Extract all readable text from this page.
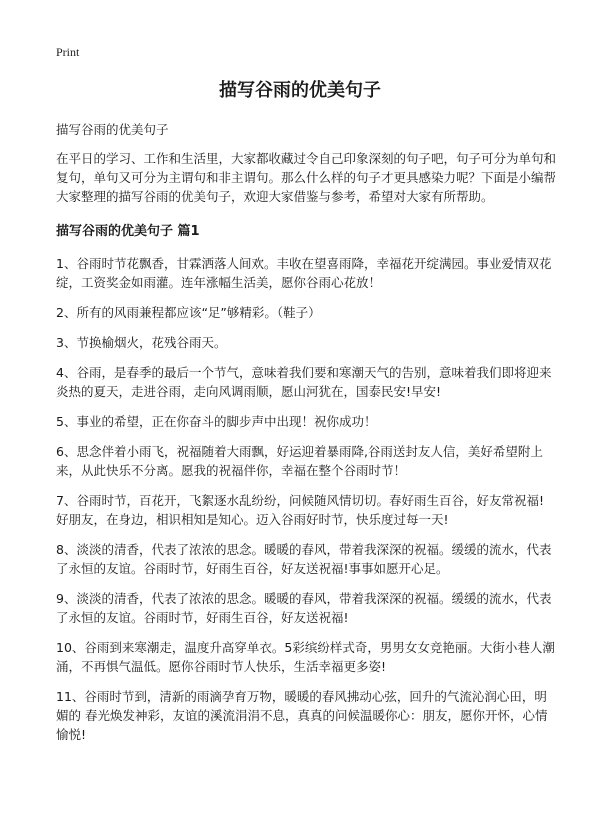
Print
描写谷雨的优美句子

描写谷雨的优美句子

在平日的学习、工作和生活里，大家都收藏过令自己印象深刻的句子吧，句子可分为单句和复句，单句又可分为主谓句和非主谓句。那么什么样的句子才更具感染力呢？下面是小编帮大家整理的描写谷雨的优美句子，欢迎大家借鉴与参考，希望对大家有所帮助。

描写谷雨的优美句子 篇1

1、谷雨时节花飘香，甘霖洒落人间欢。丰收在望喜雨降，幸福花开绽满园。事业爱情双花绽，工资奖金如雨灌。连年涨幅生活美，愿你谷雨心花放！

2、所有的风雨兼程都应该“足”够精彩。（鞋子）

3、节换榆烟火，花残谷雨天。

4、谷雨，是春季的最后一个节气，意味着我们要和寒潮天气的告别，意味着我们即将迎来炎热的夏天，走进谷雨，走向风调雨顺，愿山河犹在，国泰民安!早安!

5、事业的希望，正在你奋斗的脚步声中出现！祝你成功！

6、思念伴着小雨飞，祝福随着大雨飘，好运迎着暴雨降,谷雨送封友人信，美好希望附上来，从此快乐不分离。愿我的祝福伴你，幸福在整个谷雨时节！

7、谷雨时节，百花开，飞絮逐水乱纷纷，问候随风情切切。春好雨生百谷，好友常祝福!好朋友，在身边，相识相知是知心。迈入谷雨好时节，快乐度过每一天!

8、淡淡的清香，代表了浓浓的思念。暖暖的春风，带着我深深的祝福。缓缓的流水，代表了永恒的友谊。谷雨时节，好雨生百谷，好友送祝福!事事如愿开心足。

9、淡淡的清香，代表了浓浓的思念。暖暖的春风，带着我深深的祝福。缓缓的流水，代表了永恒的友谊。谷雨时节，好雨生百谷，好友送祝福!

10、谷雨到来寒潮走，温度升高穿单衣。5彩缤纷样式奇，男男女女竞艳丽。大街小巷人潮涌，不再惧气温低。愿你谷雨时节人快乐，生活幸福更多姿!

11、谷雨时节到，清新的雨滴孕育万物，暖暖的春风拂动心弦，回升的气流沁润心田，明媚的 春光焕发神彩，友谊的溪流涓涓不息，真真的问候温暖你心：朋友，愿你开怀，心情愉悦!
